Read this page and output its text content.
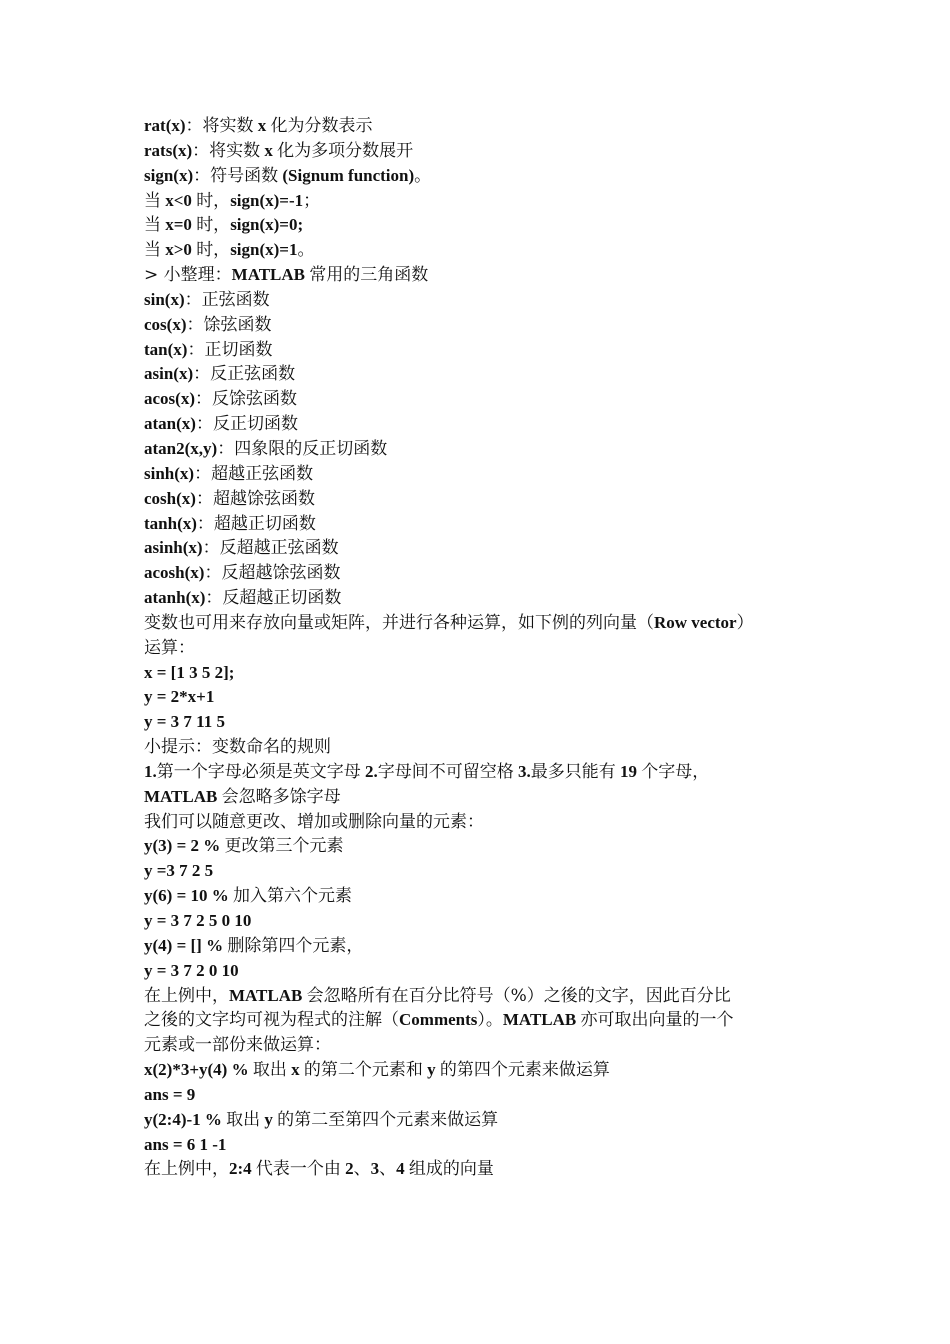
rat(x)：将实数 x 化为分数表示
rats(x)：将实数 x 化为多项分数展开
sign(x)：符号函数 (Signum function)。
当 x<0 时，sign(x)=-1；
当 x=0 时，sign(x)=0;
当 x>0 时，sign(x)=1。
> 小整理：MATLAB 常用的三角函数
sin(x)：正弦函数
cos(x)：馀弦函数
tan(x)：正切函数
asin(x)：反正弦函数
acos(x)：反馀弦函数
atan(x)：反正切函数
atan2(x,y)：四象限的反正切函数
sinh(x)：超越正弦函数
cosh(x)：超越馀弦函数
tanh(x)：超越正切函数
asinh(x)：反超越正弦函数
acosh(x)：反超越馀弦函数
atanh(x)：反超越正切函数
变数也可用来存放向量或矩阵，并进行各种运算，如下例的列向量（Row vector）
运算：
x = [1 3 5 2];
y = 2*x+1
y = 3 7 11 5
小提示：变数命名的规则
1.第一个字母必须是英文字母 2.字母间不可留空格 3.最多只能有 19 个字母，
MATLAB 会忽略多馀字母
我们可以随意更改、增加或删除向量的元素：
y(3) = 2 % 更改第三个元素
y =3 7 2 5
y(6) = 10 % 加入第六个元素
y = 3 7 2 5 0 10
y(4) = [] % 删除第四个元素，
y = 3 7 2 0 10
在上例中，MATLAB 会忽略所有在百分比符号（%）之後的文字，因此百分比
之後的文字均可视为程式的注解（Comments）。MATLAB 亦可取出向量的一个
元素或一部份来做运算：
x(2)*3+y(4) % 取出 x 的第二个元素和 y 的第四个元素来做运算
ans = 9
y(2:4)-1 % 取出 y 的第二至第四个元素来做运算
ans = 6 1 -1
在上例中，2:4 代表一个由 2、3、4 组成的向量
